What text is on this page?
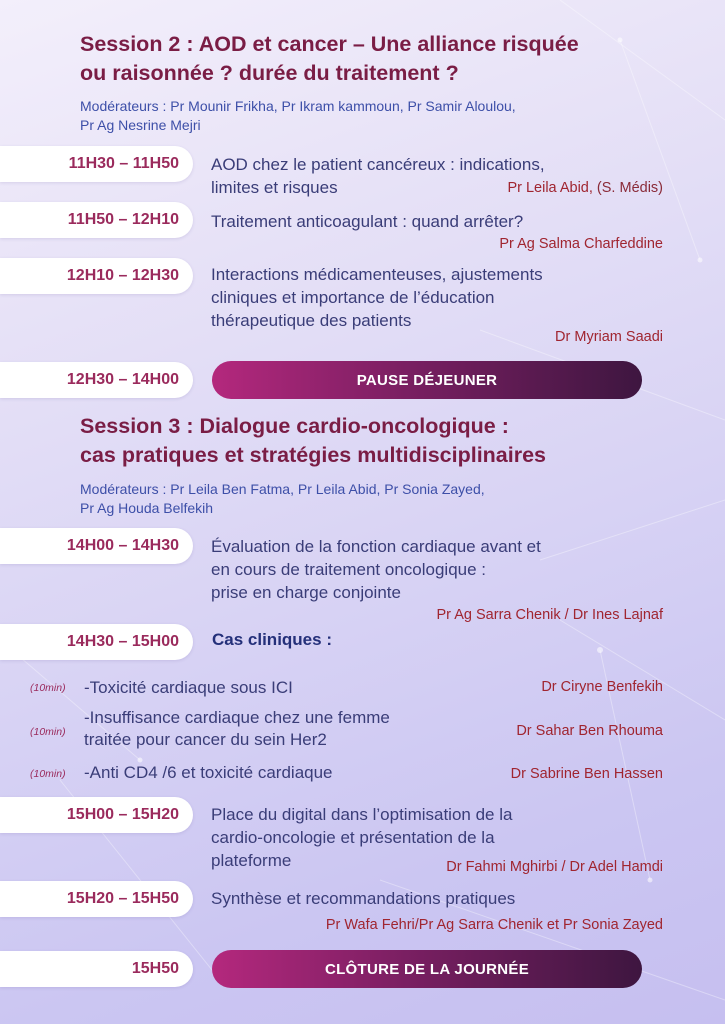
Session 2 : AOD et cancer – Une alliance risquée
ou raisonnée ? durée du traitement ?
Modérateurs : Pr Mounir Frikha, Pr Ikram kammoun, Pr Samir Aloulou,
Pr Ag Nesrine Mejri
11H30 – 11H50	AOD chez le patient cancéreux : indications,
limites et risques	Pr Leila Abid, (S. Médis)
11H50 – 12H10	Traitement anticoagulant : quand arrêter?
Pr Ag Salma Charfeddine
12H10 – 12H30	Interactions médicamenteuses, ajustements
cliniques et importance de l’éducation
thérapeutique des patients
Dr Myriam Saadi
12H30 – 14H00	PAUSE DÉJEUNER
Session 3 : Dialogue cardio-oncologique :
cas pratiques et stratégies multidisciplinaires
Modérateurs : Pr Leila Ben Fatma, Pr Leila Abid, Pr Sonia Zayed,
Pr Ag Houda Belfekih
14H00 – 14H30	Évaluation de la fonction cardiaque avant et
en cours de traitement oncologique :
prise en charge conjointe
Pr Ag Sarra Chenik / Dr Ines Lajnaf
14H30 – 15H00	Cas cliniques :
(10min) -Toxicité cardiaque sous ICI	Dr Ciryne Benfekih
(10min)
-Insuffisance cardiaque chez une femme
traitée pour cancer du sein Her2	Dr Sahar Ben Rhouma
(10min) -Anti CD4 /6 et toxicité cardiaque	Dr Sabrine Ben Hassen
15H00 – 15H20	Place du digital dans l’optimisation de la
cardio-oncologie et présentation de la
plateforme	Dr Fahmi Mghirbi / Dr Adel Hamdi
15H20 – 15H50	Synthèse et recommandations pratiques
Pr Wafa Fehri/Pr Ag Sarra Chenik et Pr Sonia Zayed
15H50	CLÔTURE DE LA JOURNÉE
